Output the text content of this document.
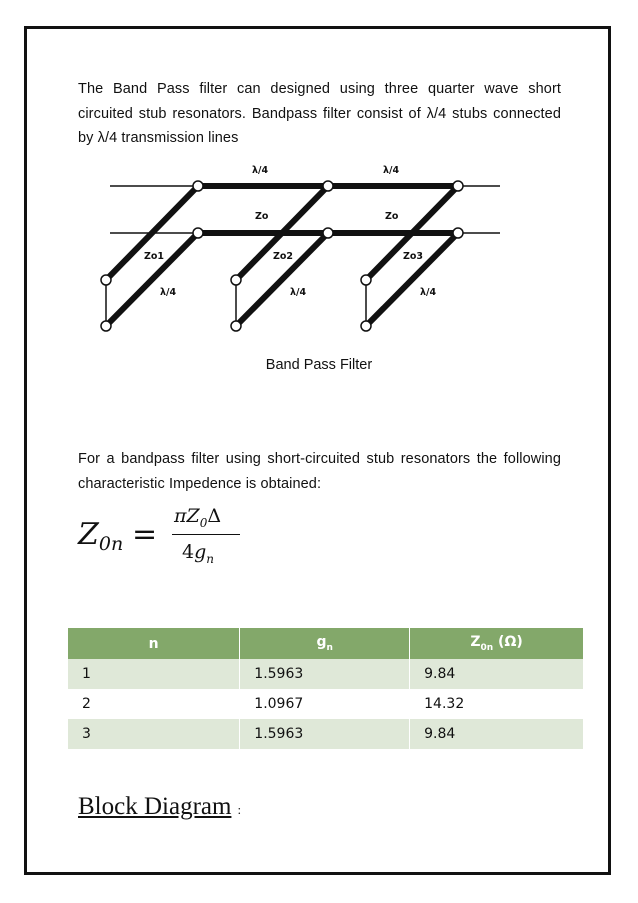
The Band Pass filter can designed using three quarter wave short circuited stub resonators. Bandpass filter consist of λ/4 stubs connected by λ/4 transmission lines

λ/4	λ/4
Zo	Zo
Zo1	Zo2	Zo3
λ/4	λ/4	λ/4
Band Pass Filter

For a bandpass filter using short-circuited stub resonators the following characteristic Impedence is obtained:

$Z_{0n}$ =
$\pi Z_0\Delta$
$4g_n$
n	$g_n$	$Z_{0n}$ (Ω)
1	1.5963	9.84
2	1.0967	14.32
3	1.5963	9.84
Block Diagram :
